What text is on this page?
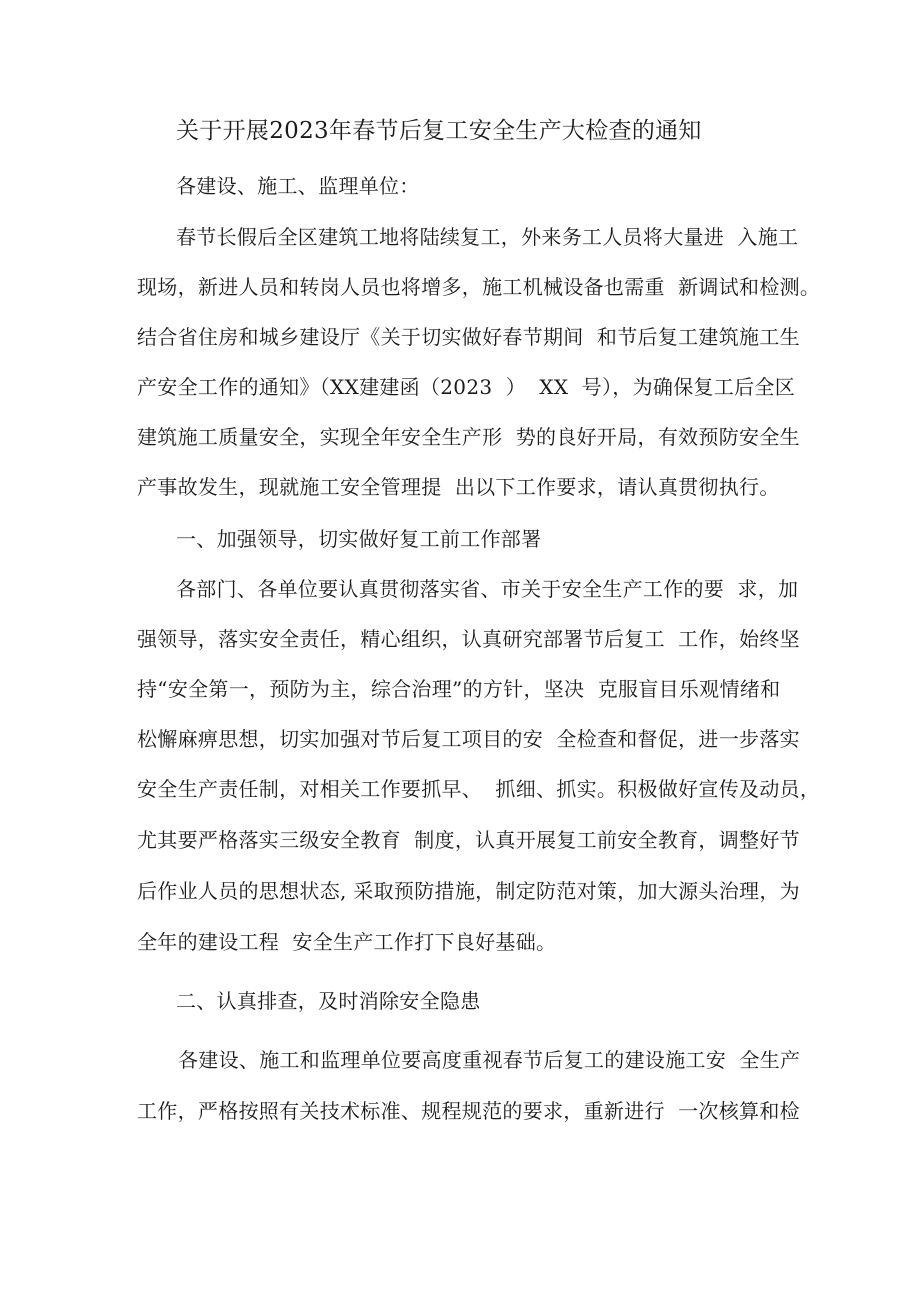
关于开展2023年春节后复工安全生产大检查的通知
各建设、施工、监理单位：
春节长假后全区建筑工地将陆续复工，外来务工人员将大量进  入施工
现场，新进人员和转岗人员也将增多，施工机械设备也需重  新调试和检测。
结合省住房和城乡建设厅《关于切实做好春节期间  和节后复工建筑施工生
产安全工作的通知》（XX建建函（2023  ）  XX  号），为确保复工后全区
建筑施工质量安全，实现全年安全生产形  势的良好开局，有效预防安全生
产事故发生，现就施工安全管理提  出以下工作要求，请认真贯彻执行。
一、加强领导，切实做好复工前工作部署
各部门、各单位要认真贯彻落实省、市关于安全生产工作的要  求，加
强领导，落实安全责任，精心组织，认真研究部署节后复工  工作，始终坚
持“安全第一，预防为主，综合治理”的方针，坚决  克服盲目乐观情绪和
松懈麻痹思想，切实加强对节后复工项目的安  全检查和督促，进一步落实
安全生产责任制，对相关工作要抓早、  抓细、抓实。积极做好宣传及动员，
尤其要严格落实三级安全教育  制度，认真开展复工前安全教育，调整好节
后作业人员的思想状态, 采取预防措施，制定防范对策，加大源头治理，为
全年的建设工程  安全生产工作打下良好基础。
二、认真排查，及时消除安全隐患
各建设、施工和监理单位要高度重视春节后复工的建设施工安  全生产
工作，严格按照有关技术标准、规程规范的要求，重新进行  一次核算和检
